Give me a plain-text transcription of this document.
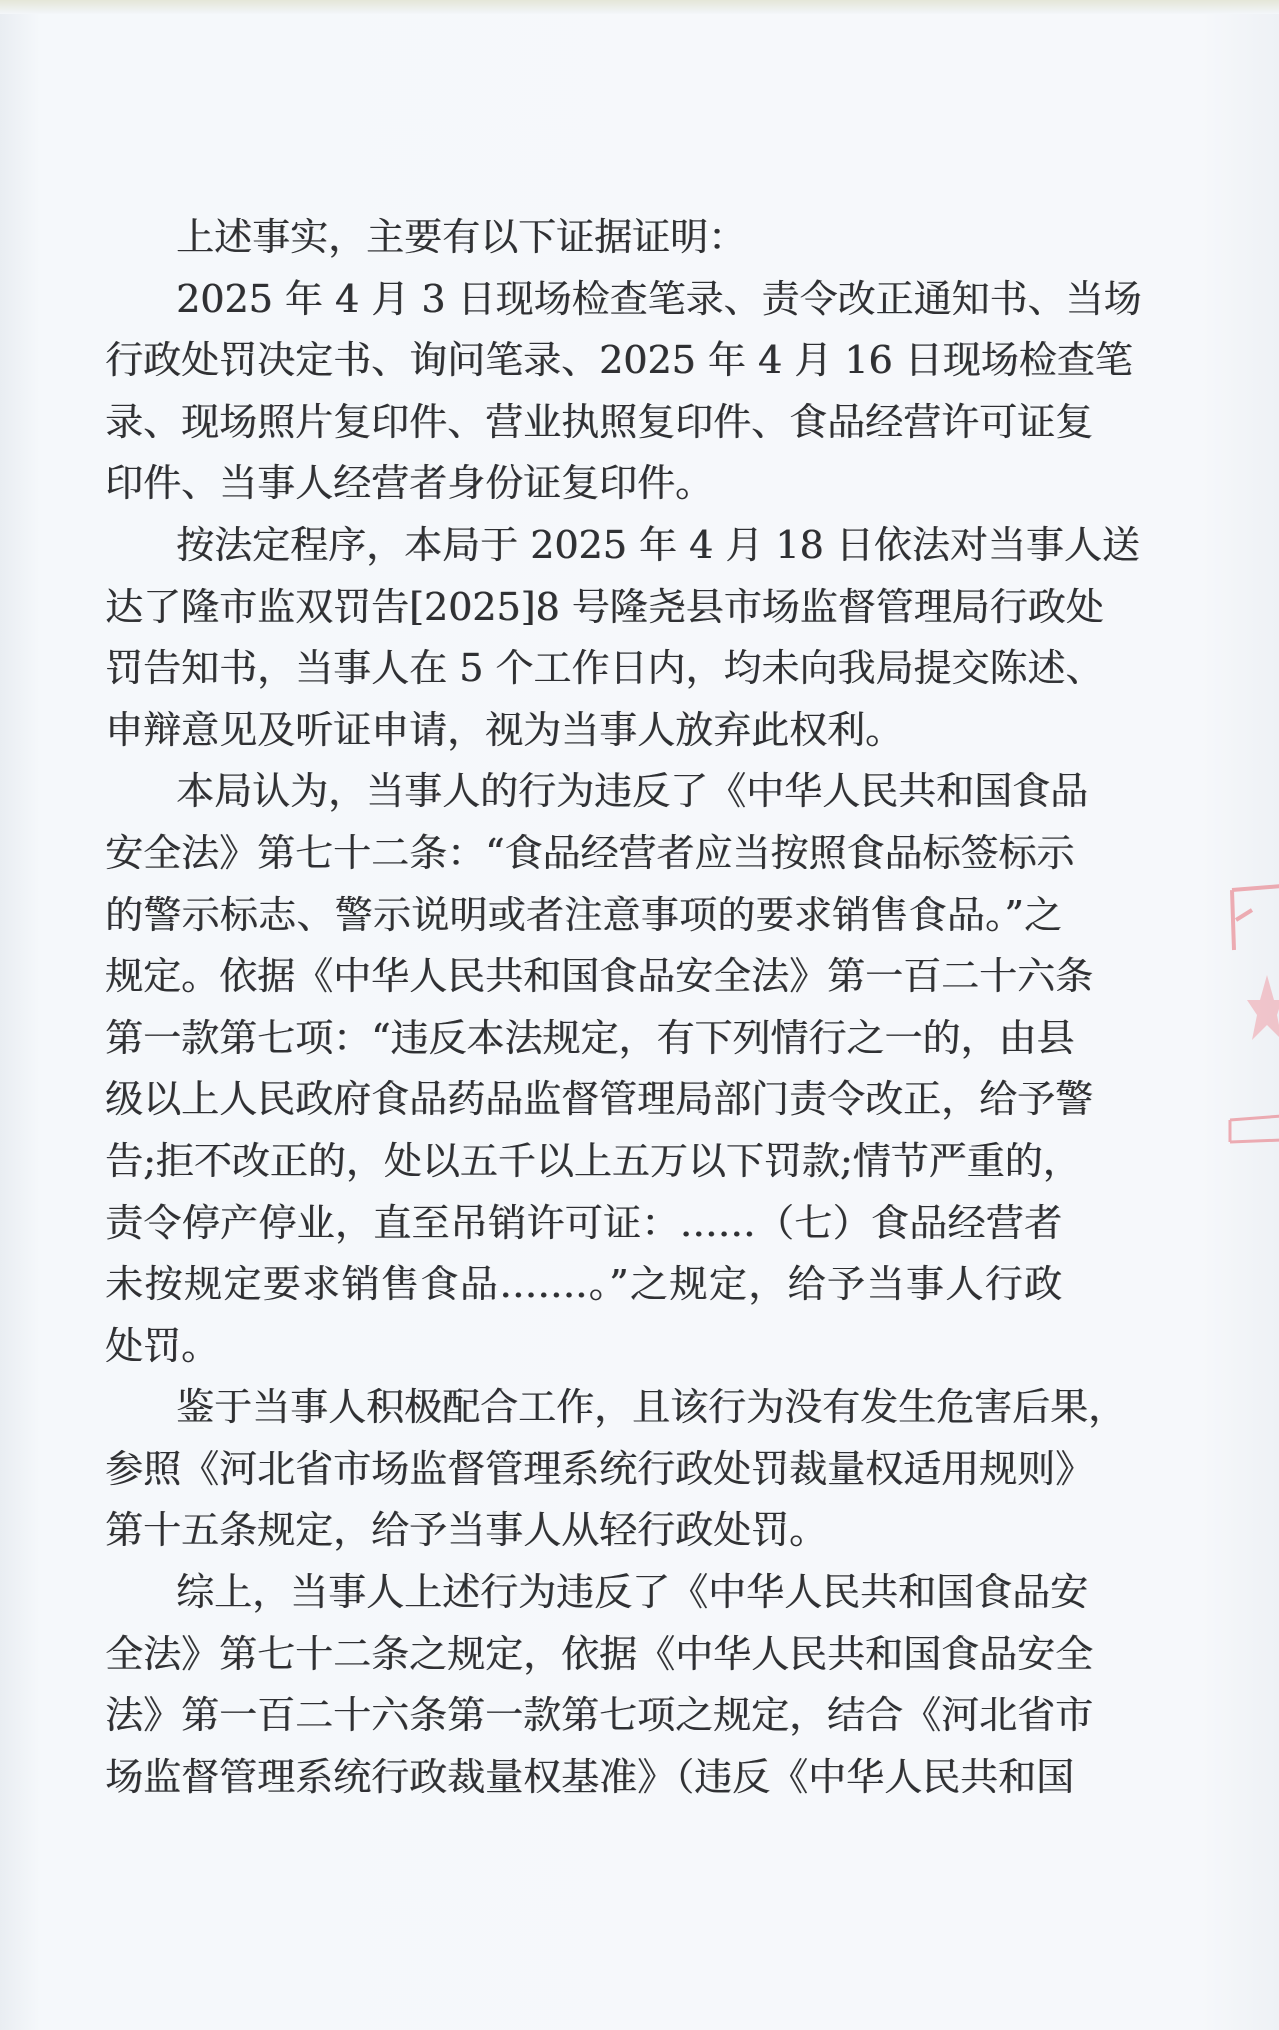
上述事实，主要有以下证据证明：
2025 年 4 月 3 日现场检查笔录、责令改正通知书、当场
行政处罚决定书、询问笔录、2025 年 4 月 16 日现场检查笔
录、现场照片复印件、营业执照复印件、食品经营许可证复
印件、当事人经营者身份证复印件。
按法定程序，本局于 2025 年 4 月 18 日依法对当事人送
达了隆市监双罚告[2025]8 号隆尧县市场监督管理局行政处
罚告知书，当事人在 5 个工作日内，均未向我局提交陈述、
申辩意见及听证申请，视为当事人放弃此权利。
本局认为，当事人的行为违反了《中华人民共和国食品
安全法》第七十二条：“食品经营者应当按照食品标签标示
的警示标志、警示说明或者注意事项的要求销售食品。”之
规定。依据《中华人民共和国食品安全法》第一百二十六条
第一款第七项：“违反本法规定，有下列情行之一的，由县
级以上人民政府食品药品监督管理局部门责令改正，给予警
告;拒不改正的，处以五千以上五万以下罚款;情节严重的，
责令停产停业，直至吊销许可证：……（七）食品经营者
未按规定要求销售食品…….。”之规定，给予当事人行政
处罚。
鉴于当事人积极配合工作，且该行为没有发生危害后果，
参照《河北省市场监督管理系统行政处罚裁量权适用规则》
第十五条规定，给予当事人从轻行政处罚。
综上，当事人上述行为违反了《中华人民共和国食品安
全法》第七十二条之规定，依据《中华人民共和国食品安全
法》第一百二十六条第一款第七项之规定，结合《河北省市
场监督管理系统行政裁量权基准》（违反《中华人民共和国
